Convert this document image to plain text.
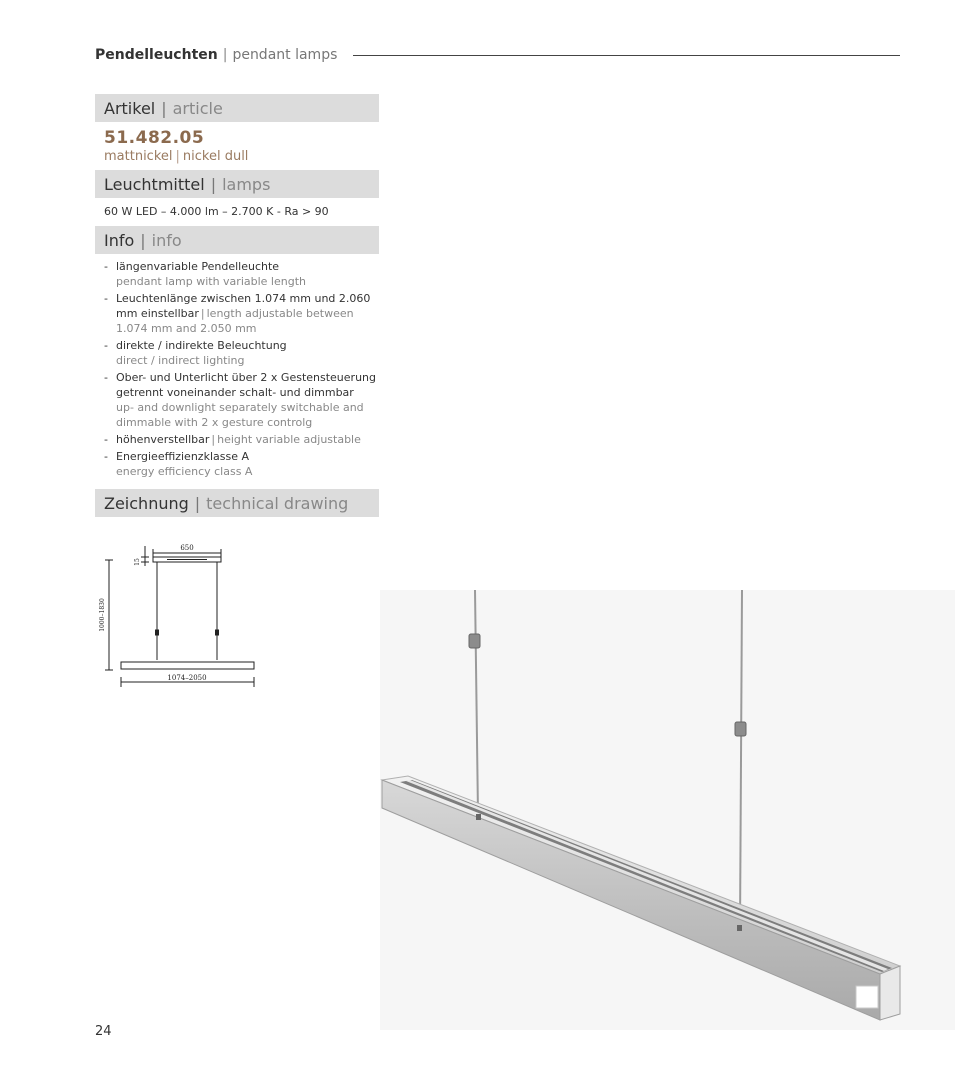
Pendelleuchten | pendant lamps
Artikel | article
51.482.05
mattnickel | nickel dull
Leuchtmittel | lamps
60 W LED – 4.000 lm – 2.700 K - Ra > 90
Info | info
- längenvariable Pendelleuchte
pendant lamp with variable length
- Leuchtenlänge zwischen 1.074 mm und 2.060 mm einstellbar | length adjustable between 1.074 mm and 2.050 mm
- direkte / indirekte Beleuchtung
direct / indirect lighting
- Ober- und Unterlicht über 2 x Gestensteuerung getrennt voneinander schalt- und dimmbar
up- and downlight separately switchable and dimmable with 2 x gesture controlg
- höhenverstellbar | height variable adjustable
- Energieeffizienzklasse A
energy efficiency class A
Zeichnung | technical drawing
650
15
1000–1830
1074–2050
24
